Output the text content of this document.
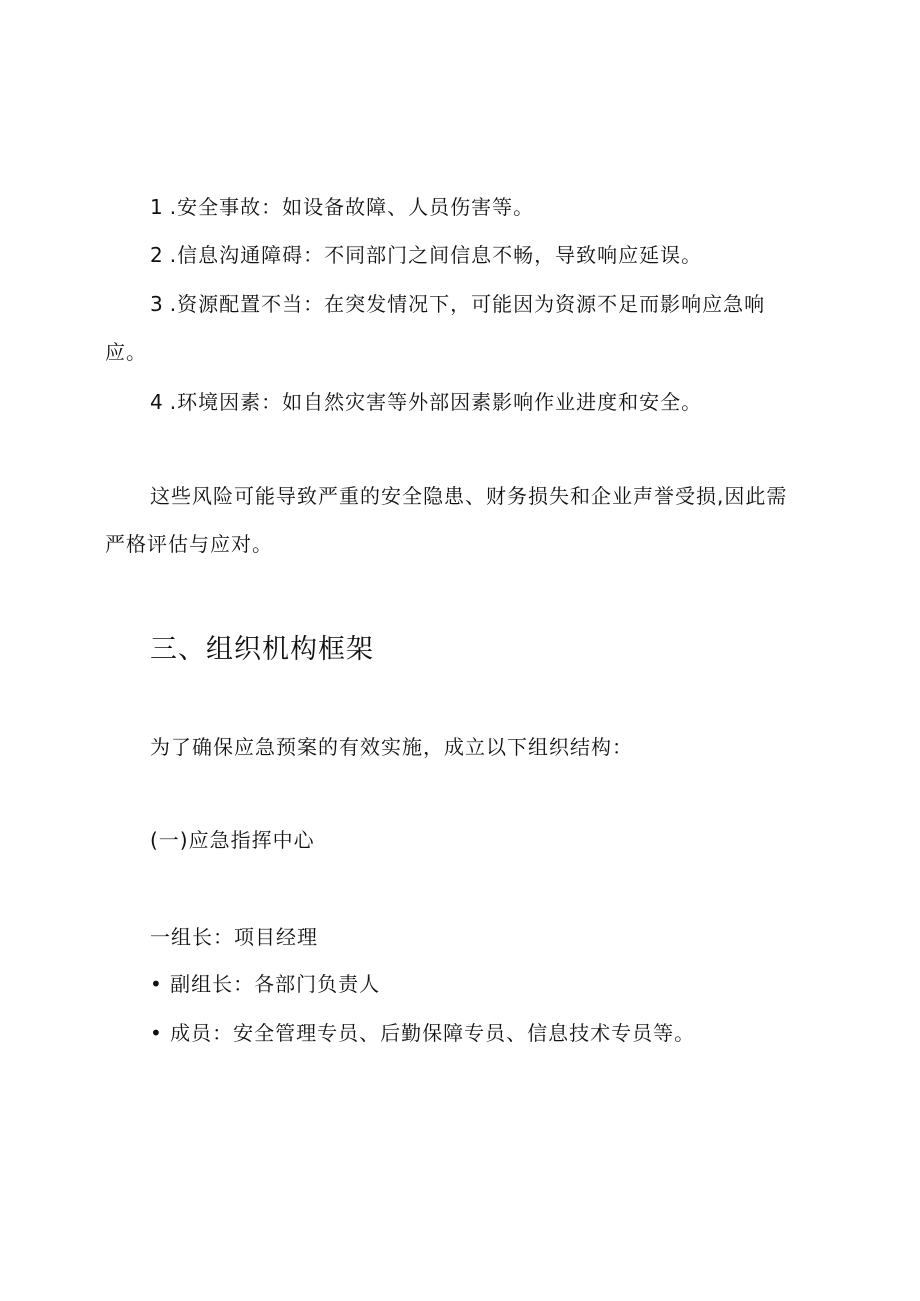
1 .安全事故：如设备故障、人员伤害等。
2 .信息沟通障碍：不同部门之间信息不畅，导致响应延误。
3 .资源配置不当：在突发情况下，可能因为资源不足而影响应急响
应。
4 .环境因素：如自然灾害等外部因素影响作业进度和安全。
这些风险可能导致严重的安全隐患、财务损失和企业声誉受损,因此需
严格评估与应对。
三、组织机构框架
为了确保应急预案的有效实施，成立以下组织结构：
(一)应急指挥中心
一组长：项目经理
• 副组长：各部门负责人
• 成员：安全管理专员、后勤保障专员、信息技术专员等。
